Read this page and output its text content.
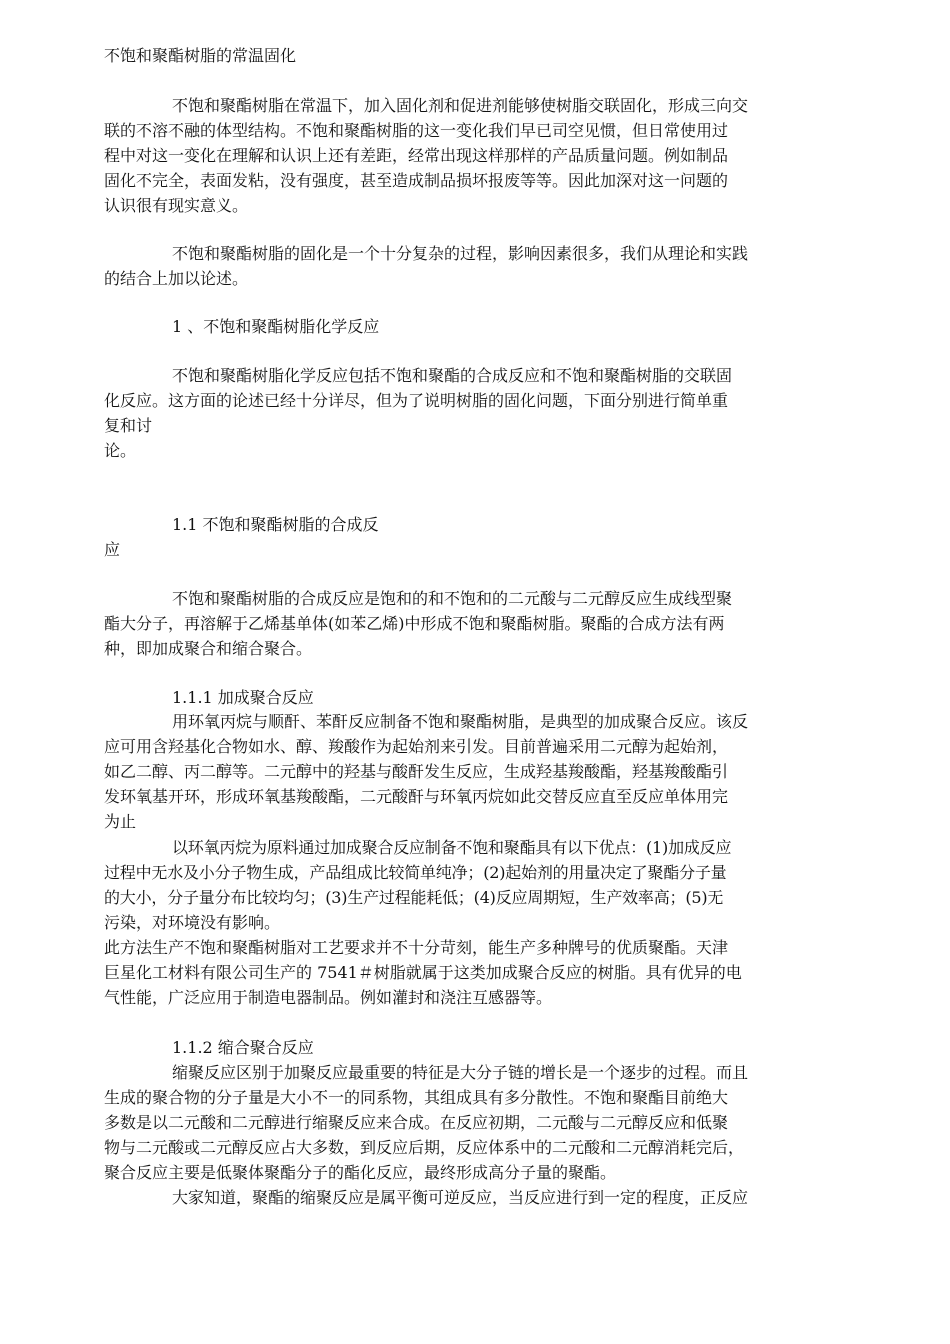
不饱和聚酯树脂的常温固化
不饱和聚酯树脂在常温下，加入固化剂和促进剂能够使树脂交联固化，形成三向交
联的不溶不融的体型结构。不饱和聚酯树脂的这一变化我们早已司空见惯，但日常使用过
程中对这一变化在理解和认识上还有差距，经常出现这样那样的产品质量问题。例如制品
固化不完全，表面发粘，没有强度，甚至造成制品损坏报废等等。因此加深对这一问题的
认识很有现实意义。
不饱和聚酯树脂的固化是一个十分复杂的过程，影响因素很多，我们从理论和实践
的结合上加以论述。
1 、不饱和聚酯树脂化学反应
不饱和聚酯树脂化学反应包括不饱和聚酯的合成反应和不饱和聚酯树脂的交联固
化反应。这方面的论述已经十分详尽，但为了说明树脂的固化问题，下面分别进行简单重
复和讨
论。
1.1 不饱和聚酯树脂的合成反
应
不饱和聚酯树脂的合成反应是饱和的和不饱和的二元酸与二元醇反应生成线型聚
酯大分子，再溶解于乙烯基单体(如苯乙烯)中形成不饱和聚酯树脂。聚酯的合成方法有两
种，即加成聚合和缩合聚合。
1.1.1 加成聚合反应
用环氧丙烷与顺酐、苯酐反应制备不饱和聚酯树脂，是典型的加成聚合反应。该反
应可用含羟基化合物如水、醇、羧酸作为起始剂来引发。目前普遍采用二元醇为起始剂，
如乙二醇、丙二醇等。二元醇中的羟基与酸酐发生反应，生成羟基羧酸酯，羟基羧酸酯引
发环氧基开环，形成环氧基羧酸酯，二元酸酐与环氧丙烷如此交替反应直至反应单体用完
为止
以环氧丙烷为原料通过加成聚合反应制备不饱和聚酯具有以下优点：(1)加成反应
过程中无水及小分子物生成，产品组成比较简单纯净；(2)起始剂的用量决定了聚酯分子量
的大小，分子量分布比较均匀；(3)生产过程能耗低；(4)反应周期短，生产效率高；(5)无
污染，对环境没有影响。
此方法生产不饱和聚酯树脂对工艺要求并不十分苛刻，能生产多种牌号的优质聚酯。天津
巨星化工材料有限公司生产的 7541＃树脂就属于这类加成聚合反应的树脂。具有优异的电
气性能，广泛应用于制造电器制品。例如灌封和浇注互感器等。
1.1.2 缩合聚合反应
缩聚反应区别于加聚反应最重要的特征是大分子链的增长是一个逐步的过程。而且
生成的聚合物的分子量是大小不一的同系物，其组成具有多分散性。不饱和聚酯目前绝大
多数是以二元酸和二元醇进行缩聚反应来合成。在反应初期，二元酸与二元醇反应和低聚
物与二元酸或二元醇反应占大多数，到反应后期，反应体系中的二元酸和二元醇消耗完后，
聚合反应主要是低聚体聚酯分子的酯化反应，最终形成高分子量的聚酯。
大家知道，聚酯的缩聚反应是属平衡可逆反应，当反应进行到一定的程度，正反应
